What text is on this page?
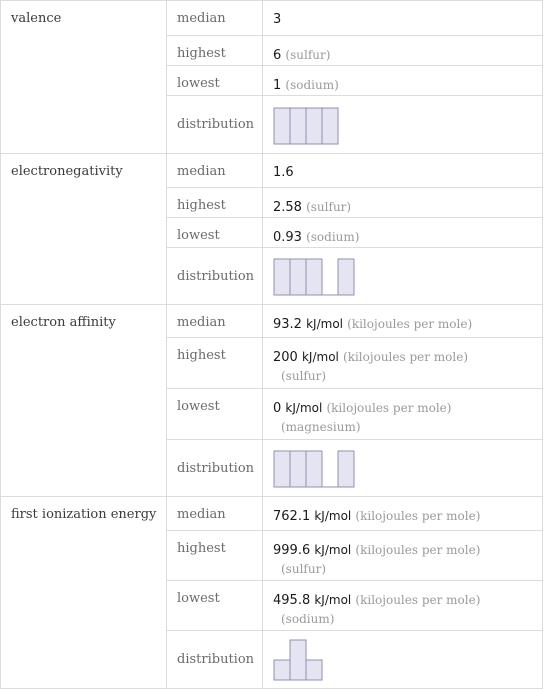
valence	median	3
	highest	6 (sulfur)
	lowest	1 (sodium)
	distribution	

electronegativity	median	1.6
	highest	2.58 (sulfur)
	lowest	0.93 (sodium)
	distribution	

electron affinity	median	93.2 kJ/mol (kilojoules per mole)
	highest	200 kJ/mol (kilojoules per mole)
(sulfur)
	lowest	0 kJ/mol (kilojoules per mole)
(magnesium)
	distribution	

first ionization energy	median	762.1 kJ/mol (kilojoules per mole)
	highest	999.6 kJ/mol (kilojoules per mole)
(sulfur)
	lowest	495.8 kJ/mol (kilojoules per mole)
(sodium)
	distribution	
